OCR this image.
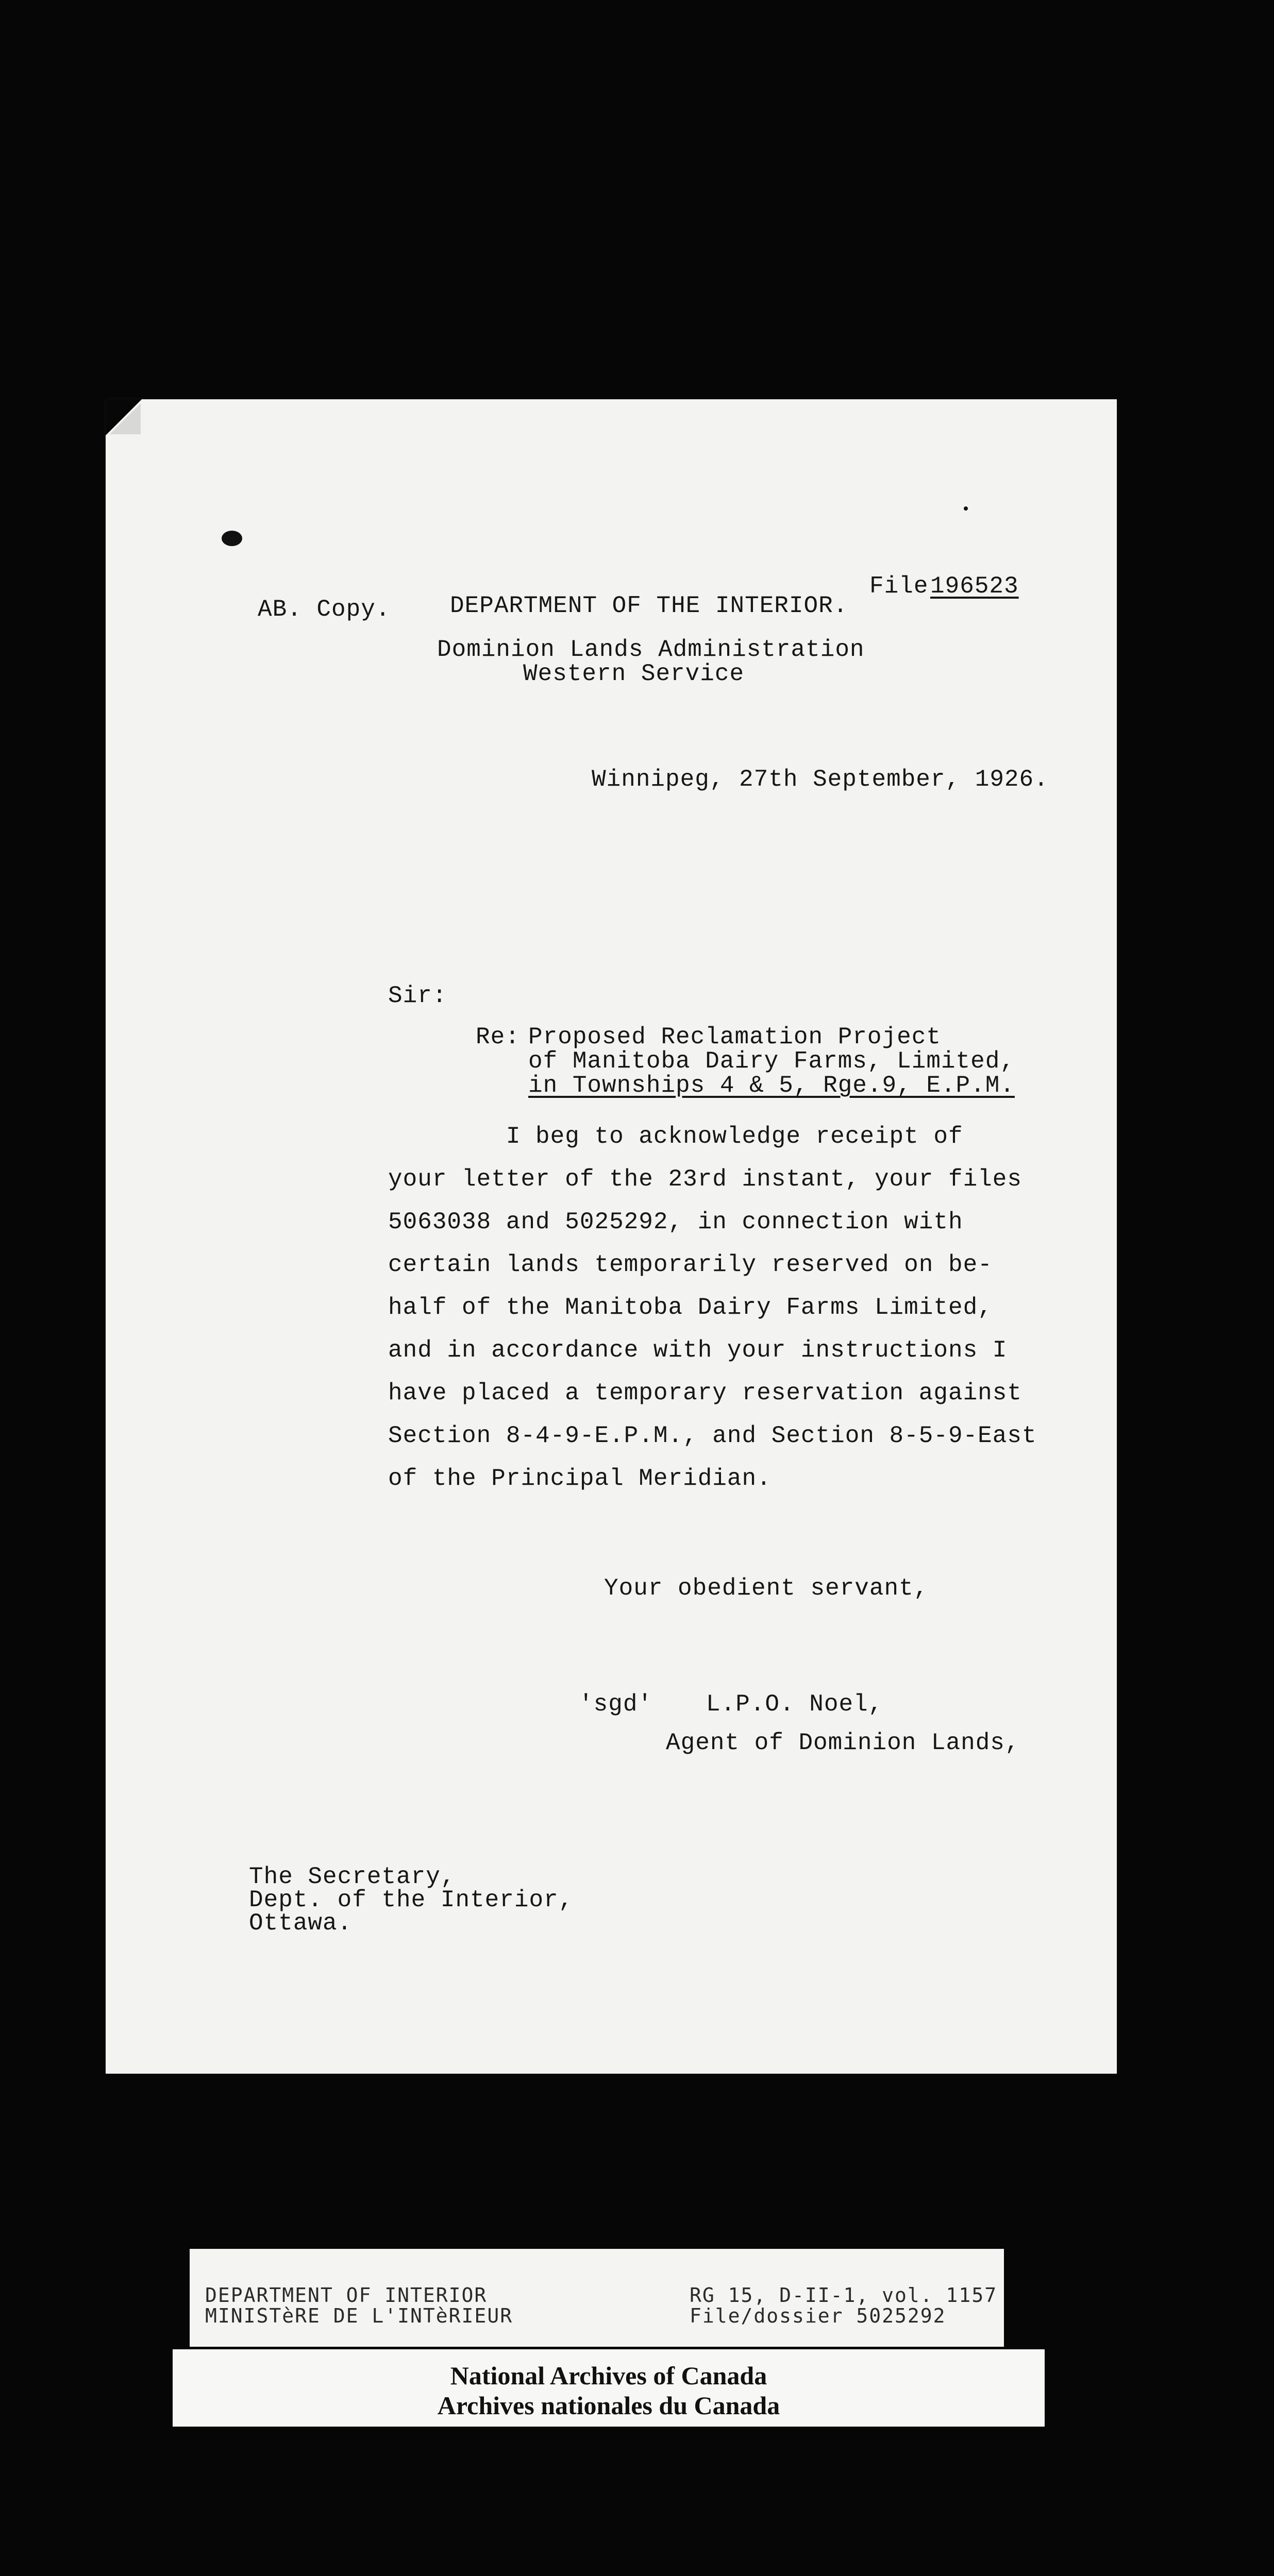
AB. Copy.	DEPARTMENT OF THE INTERIOR.
File 196523
Dominion Lands Administration
Western Service
Winnipeg, 27th September, 1926.
Sir:
Re: Proposed Reclamation Project
of Manitoba Dairy Farms, Limited,
in Townships 4 & 5, Rge.9, E.P.M.
I beg to acknowledge receipt of
your letter of the 23rd instant, your files
5063038 and 5025292, in connection with
certain lands temporarily reserved on be-
half of the Manitoba Dairy Farms Limited,
and in accordance with your instructions I
have placed a temporary reservation against
Section 8-4-9-E.P.M., and Section 8-5-9-East
of the Principal Meridian.
Your obedient servant,
'sgd' L.P.O. Noel,
Agent of Dominion Lands,
The Secretary,
Dept. of the Interior,
Ottawa.
DEPARTMENT OF INTERIOR
MINISTèRE DE L'INTèRIEUR
RG 15, D-II-1, vol. 1157
File/dossier 5025292
National Archives of Canada
Archives nationales du Canada
